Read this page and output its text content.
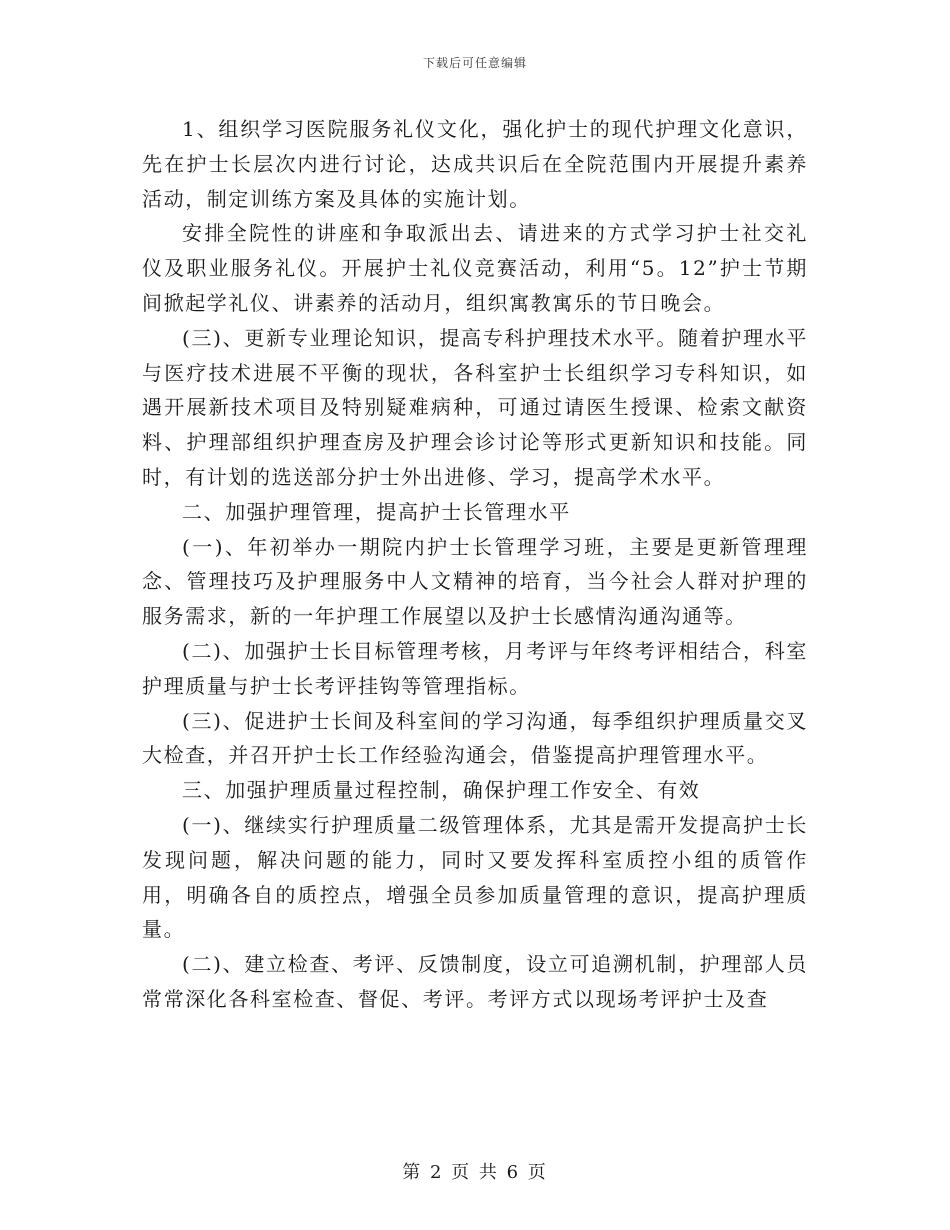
下载后可任意编辑

1、组织学习医院服务礼仪文化，强化护士的现代护理文化意识，先在护士长层次内进行讨论，达成共识后在全院范围内开展提升素养活动，制定训练方案及具体的实施计划。

安排全院性的讲座和争取派出去、请进来的方式学习护士社交礼仪及职业服务礼仪。开展护士礼仪竞赛活动，利用“5。12”护士节期间掀起学礼仪、讲素养的活动月，组织寓教寓乐的节日晚会。

(三)、更新专业理论知识，提高专科护理技术水平。随着护理水平与医疗技术进展不平衡的现状，各科室护士长组织学习专科知识，如遇开展新技术项目及特别疑难病种，可通过请医生授课、检索文献资料、护理部组织护理查房及护理会诊讨论等形式更新知识和技能。同时，有计划的选送部分护士外出进修、学习，提高学术水平。

二、加强护理管理，提高护士长管理水平

(一)、年初举办一期院内护士长管理学习班，主要是更新管理理念、管理技巧及护理服务中人文精神的培育，当今社会人群对护理的服务需求，新的一年护理工作展望以及护士长感情沟通沟通等。

(二)、加强护士长目标管理考核，月考评与年终考评相结合，科室护理质量与护士长考评挂钩等管理指标。

(三)、促进护士长间及科室间的学习沟通，每季组织护理质量交叉大检查，并召开护士长工作经验沟通会，借鉴提高护理管理水平。

三、加强护理质量过程控制，确保护理工作安全、有效

(一)、继续实行护理质量二级管理体系，尤其是需开发提高护士长发现问题，解决问题的能力，同时又要发挥科室质控小组的质管作用，明确各自的质控点，增强全员参加质量管理的意识，提高护理质量。

(二)、建立检查、考评、反馈制度，设立可追溯机制，护理部人员常常深化各科室检查、督促、考评。考评方式以现场考评护士及查

第 2 页 共 6 页
